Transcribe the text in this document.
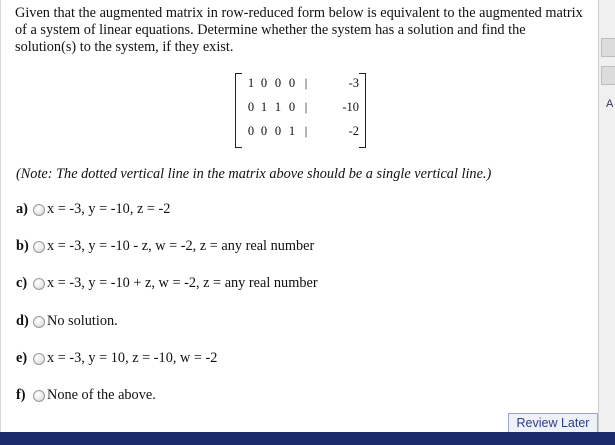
Given that the augmented matrix in row-reduced form below is equivalent to the augmented matrix of a system of linear equations. Determine whether the system has a solution and find the solution(s) to the system, if they exist.
1 0 0 0 |	-3
0 1 1 0 |	-10
0 0 0 1 |	-2
(Note: The dotted vertical line in the matrix above should be a single vertical line.)
a) x = -3, y = -10, z = -2
b) x = -3, y = -10 - z, w = -2, z = any real number
c)	x = -3, y = -10 + z, w = -2, z = any real number
d) No solution.
e)	x = -3, y = 10, z = -10, w = -2
f)	None of the above.
Review Later
A
